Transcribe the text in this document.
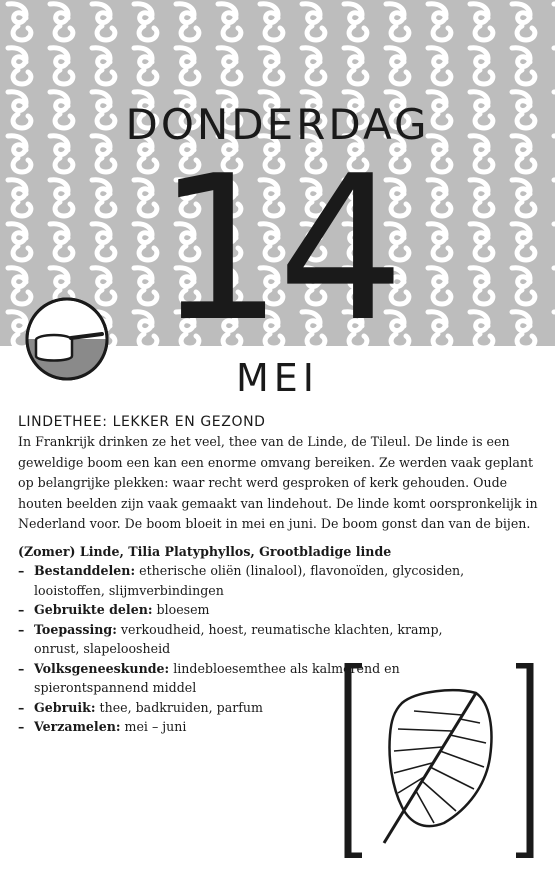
DONDERDAG
14
MEI
LINDETHEE: LEKKER EN GEZOND

In Frankrijk drinken ze het veel, thee van de Linde, de Tileul. De linde is een geweldige boom een kan een enorme omvang bereiken. Ze werden vaak geplant op belangrijke plekken: waar recht werd gesproken of kerk gehouden. Oude houten beelden zijn vaak gemaakt van lindehout. De linde komt oorspronkelijk in Nederland voor. De boom bloeit in mei en juni. De boom gonst dan van de bijen.

(Zomer) Linde, Tilia Platyphyllos, Grootbladige linde
– Bestanddelen: etherische oliën (linalool), flavonoïden, glycosiden, looistoffen, slijmverbindingen
– Gebruikte delen: bloesem
– Toepassing: verkoudheid, hoest, reumatische klachten, kramp, onrust, slapeloosheid
– Volksgeneeskunde: lindebloesemthee als kalmerend en spierontspannend middel
– Gebruik: thee, badkruiden, parfum
– Verzamelen: mei – juni
